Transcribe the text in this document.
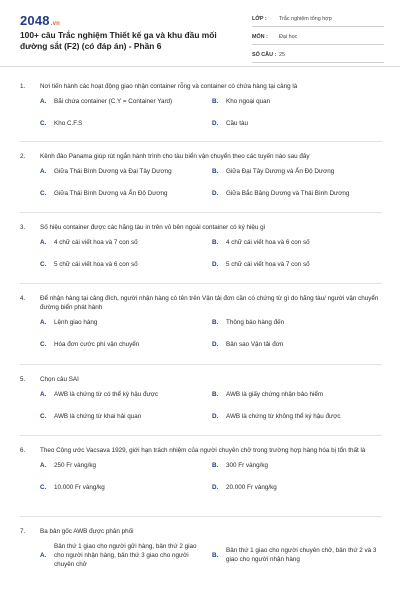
2048.vn
100+ câu Trắc nghiệm Thiết kế ga và khu đầu mối đường sắt (F2) (có đáp án) - Phần 6
LỚP :	Trắc nghiệm tổng hợp
MÔN :	Đại học
SỐ CÂU : 25
1. Nơi tiến hành các hoạt động giao nhận container rỗng và container có chứa hàng tại cảng là
A. Bãi chứa container (C.Y = Container Yard)	B. Kho ngoại quan
C. Kho C.F.S	D. Cầu tàu
2. Kênh đào Panama giúp rút ngắn hành trình cho tàu biển vận chuyển theo các tuyến nào sau đây
A. Giữa Thái Bình Dương và Đại Tây Dương	B. Giữa Đại Tây Dương và Ấn Độ Dương
C. Giữa Thái Bình Dương và Ấn Độ Dương	D. Giữa Bắc Băng Dương và Thái Bình Dương
3. Số hiệu container được các hãng tàu in trên vỏ bên ngoài container có ký hiệu gì
A. 4 chữ cái viết hoa và 7 con số	B. 4 chữ cái viết hoa và 6 con số
C. 5 chữ cái viết hoa và 6 con số	D. 5 chữ cái viết hoa và 7 con số
4. Để nhận hàng tại cảng đích, người nhận hàng có tên trên Vận tải đơn cần có chứng từ gì do hãng tàu/ người vận chuyển đường biển phát hành
A. Lệnh giao hàng	B. Thông báo hàng đến
C. Hóa đơn cước phí vận chuyển	D. Bản sao Vận tải đơn
5. Chọn câu SAI
A. AWB là chứng từ có thể ký hậu được	B. AWB là giấy chứng nhận bảo hiểm
C. AWB là chứng từ khai hải quan	D. AWB là chứng từ không thể ký hậu được
6. Theo Công ước Vacsava 1929, giới hạn trách nhiệm của người chuyên chở trong trường hợp hàng hóa bị tổn thất là
A. 250 Fr vàng/kg	B. 300 Fr vàng/kg
C. 10.000 Fr vàng/kg	D. 20.000 Fr vàng/kg
7. Ba bản gốc AWB được phân phối
A.
Bản thứ 1 giao cho người gửi hàng, bản thứ 2 giao cho người nhận hàng, bản thứ 3 giao cho người chuyên chở
B.
Bản thứ 1 giao cho người chuyên chở, bản thứ 2 và 3 giao cho người nhận hàng
